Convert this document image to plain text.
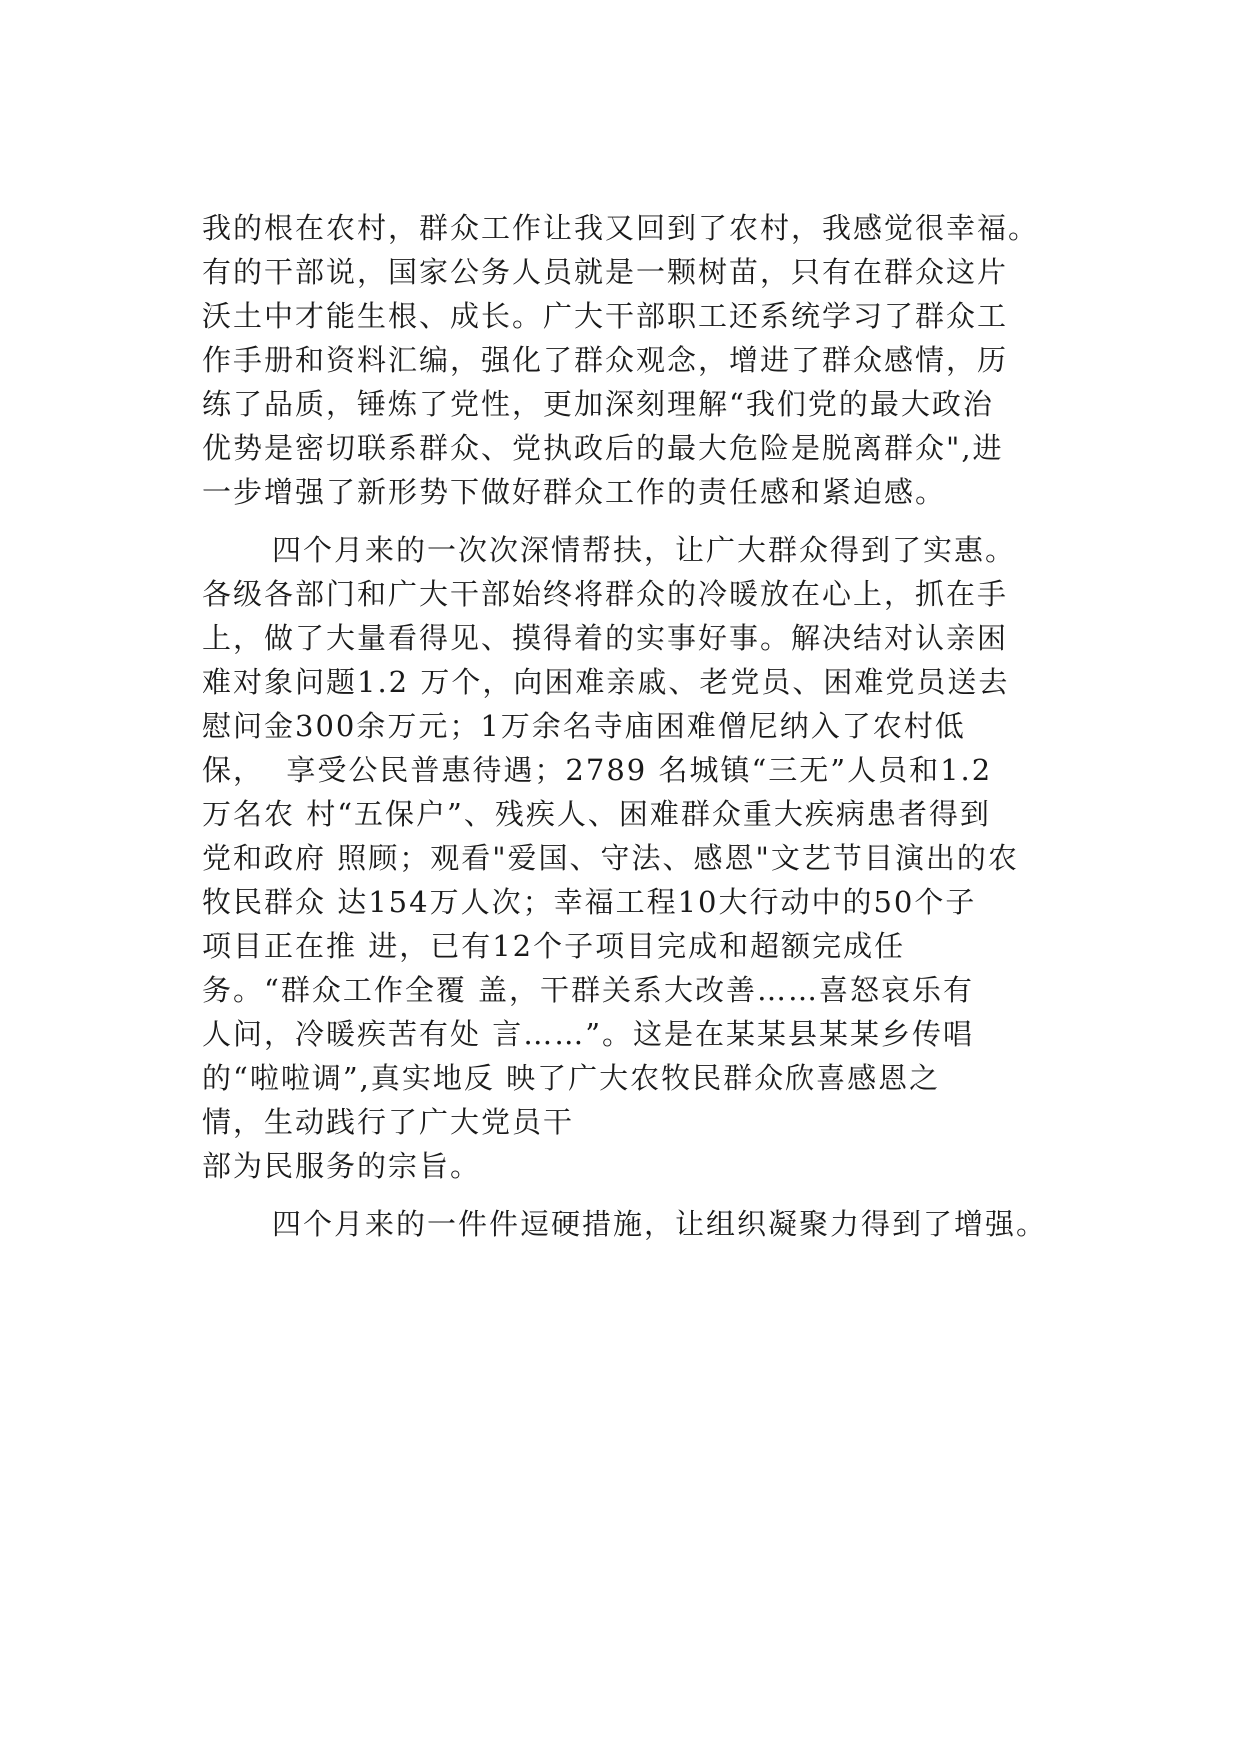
我的根在农村，群众工作让我又回到了农村，我感觉很幸福。
有的干部说，国家公务人员就是一颗树苗，只有在群众这片
沃土中才能生根、成长。广大干部职工还系统学习了群众工
作手册和资料汇编，强化了群众观念，增进了群众感情，历
练了品质，锤炼了党性，更加深刻理解“我们党的最大政治
优势是密切联系群众、党执政后的最大危险是脱离群众",进
一步增强了新形势下做好群众工作的责任感和紧迫感。
四个月来的一次次深情帮扶，让广大群众得到了实惠。
各级各部门和广大干部始终将群众的冷暖放在心上，抓在手
上，做了大量看得见、摸得着的实事好事。解决结对认亲困
难对象问题1.2 万个，向困难亲戚、老党员、困难党员送去
慰问金300余万元；1万余名寺庙困难僧尼纳入了农村低
保，  享受公民普惠待遇；2789 名城镇“三无”人员和1.2
万名农 村“五保户”、残疾人、困难群众重大疾病患者得到
党和政府 照顾；观看"爱国、守法、感恩"文艺节目演出的农
牧民群众 达154万人次；幸福工程10大行动中的50个子
项目正在推 进，已有12个子项目完成和超额完成任
务。“群众工作全覆 盖，干群关系大改善……喜怒哀乐有
人问，冷暖疾苦有处 言……”。这是在某某县某某乡传唱
的“啦啦调”,真实地反 映了广大农牧民群众欣喜感恩之
情，生动践行了广大党员干
部为民服务的宗旨。
四个月来的一件件逗硬措施，让组织凝聚力得到了增强。
